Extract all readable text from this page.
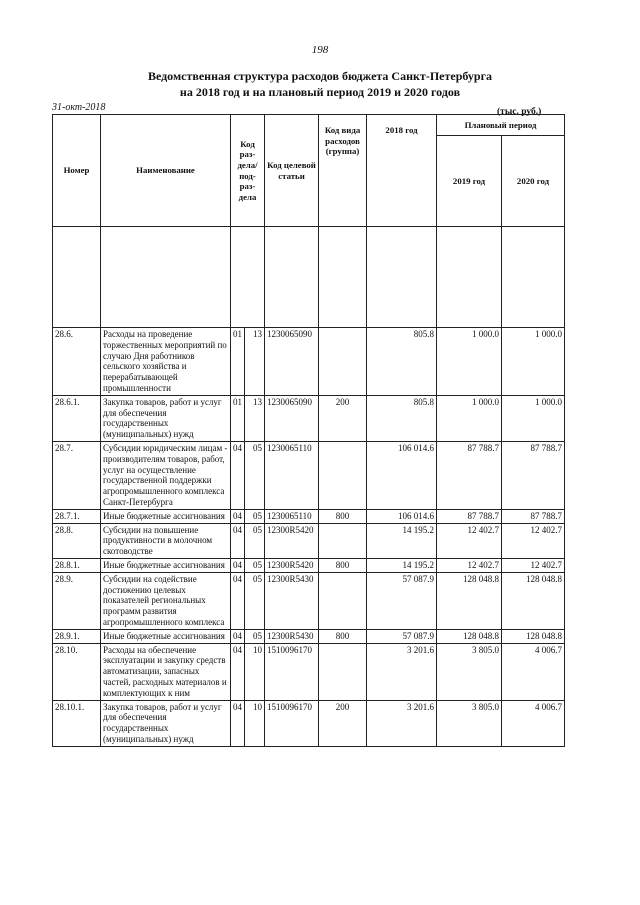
198
Ведомственная структура расходов бюджета Санкт-Петербурга
на 2018 год и на плановый период 2019 и 2020 годов
31-окт-2018	(тыс. руб.)
Номер	Наименование	Код раз-дела/ под-раз-дела		Код целевой статьи	Код вида расходов (группа)	2018 год	Плановый период	
							2019 год	2020 год

28.6.	Расходы на проведение торжественных мероприятий по случаю Дня работников сельского хозяйства и перерабатывающей промышленности	01	13	1230065090		805.8	1 000.0	1 000.0
28.6.1.	Закупка товаров, работ и услуг для обеспечения государственных (муниципальных) нужд	01	13	1230065090	200	805.8	1 000.0	1 000.0
28.7.	Субсидии юридическим лицам - производителям товаров, работ, услуг на осуществление государственной поддержки агропромышленного комплекса Санкт-Петербурга	04	05	1230065110		106 014.6	87 788.7	87 788.7
28.7.1.	Иные бюджетные ассигнования	04	05	1230065110	800	106 014.6	87 788.7	87 788.7
28.8.	Субсидии на повышение продуктивности в молочном скотоводстве	04	05	12300R5420		14 195.2	12 402.7	12 402.7
28.8.1.	Иные бюджетные ассигнования	04	05	12300R5420	800	14 195.2	12 402.7	12 402.7
28.9.	Субсидии на содействие достижению целевых показателей региональных программ развития агропромышленного комплекса	04	05	12300R5430		57 087.9	128 048.8	128 048.8
28.9.1.	Иные бюджетные ассигнования	04	05	12300R5430	800	57 087.9	128 048.8	128 048.8
28.10.	Расходы на обеспечение эксплуатации и закупку средств автоматизации, запасных частей, расходных материалов и комплектующих к ним	04	10	1510096170		3 201.6	3 805.0	4 006.7
28.10.1.	Закупка товаров, работ и услуг для обеспечения государственных (муниципальных) нужд	04	10	1510096170	200	3 201.6	3 805.0	4 006.7
